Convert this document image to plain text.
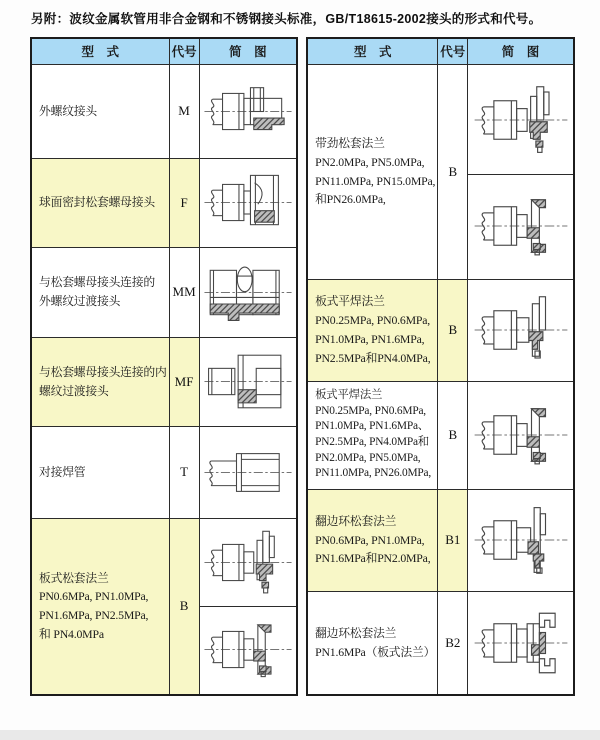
另附：波纹金属软管用非合金钢和不锈钢接头标准，GB/T18615-2002接头的形式和代号。
型　式	代号	简　图

外螺纹接头	M	

球面密封松套螺母接头	F	

与松套螺母接头连接的
外螺纹过渡接头	MM	

与松套螺母接头连接的内
螺纹过渡接头	MF	

对接焊管	T	

板式松套法兰
PN0.6MPa, PN1.0MPa,
PN1.6MPa, PN2.5MPa,
和 PN4.0MPa	B	
型　式	代号	简　图

带劲松套法兰
PN2.0MPa, PN5.0MPa,
PN11.0MPa, PN15.0MPa,
和PN26.0MPa,	B	

板式平焊法兰
PN0.25MPa, PN0.6MPa,
PN1.0MPa, PN1.6MPa,
PN2.5MPa和PN4.0MPa,	B	

板式平焊法兰
PN0.25MPa, PN0.6MPa,
PN1.0MPa, PN1.6MPa、
PN2.5MPa, PN4.0MPa和
PN2.0MPa, PN5.0MPa,
PN11.0MPa, PN26.0MPa,
	B	

翻边环松套法兰
PN0.6MPa, PN1.0MPa,
PN1.6MPa和PN2.0MPa,	B1	

翻边环松套法兰
PN1.6MPa（板式法兰）	B2	
